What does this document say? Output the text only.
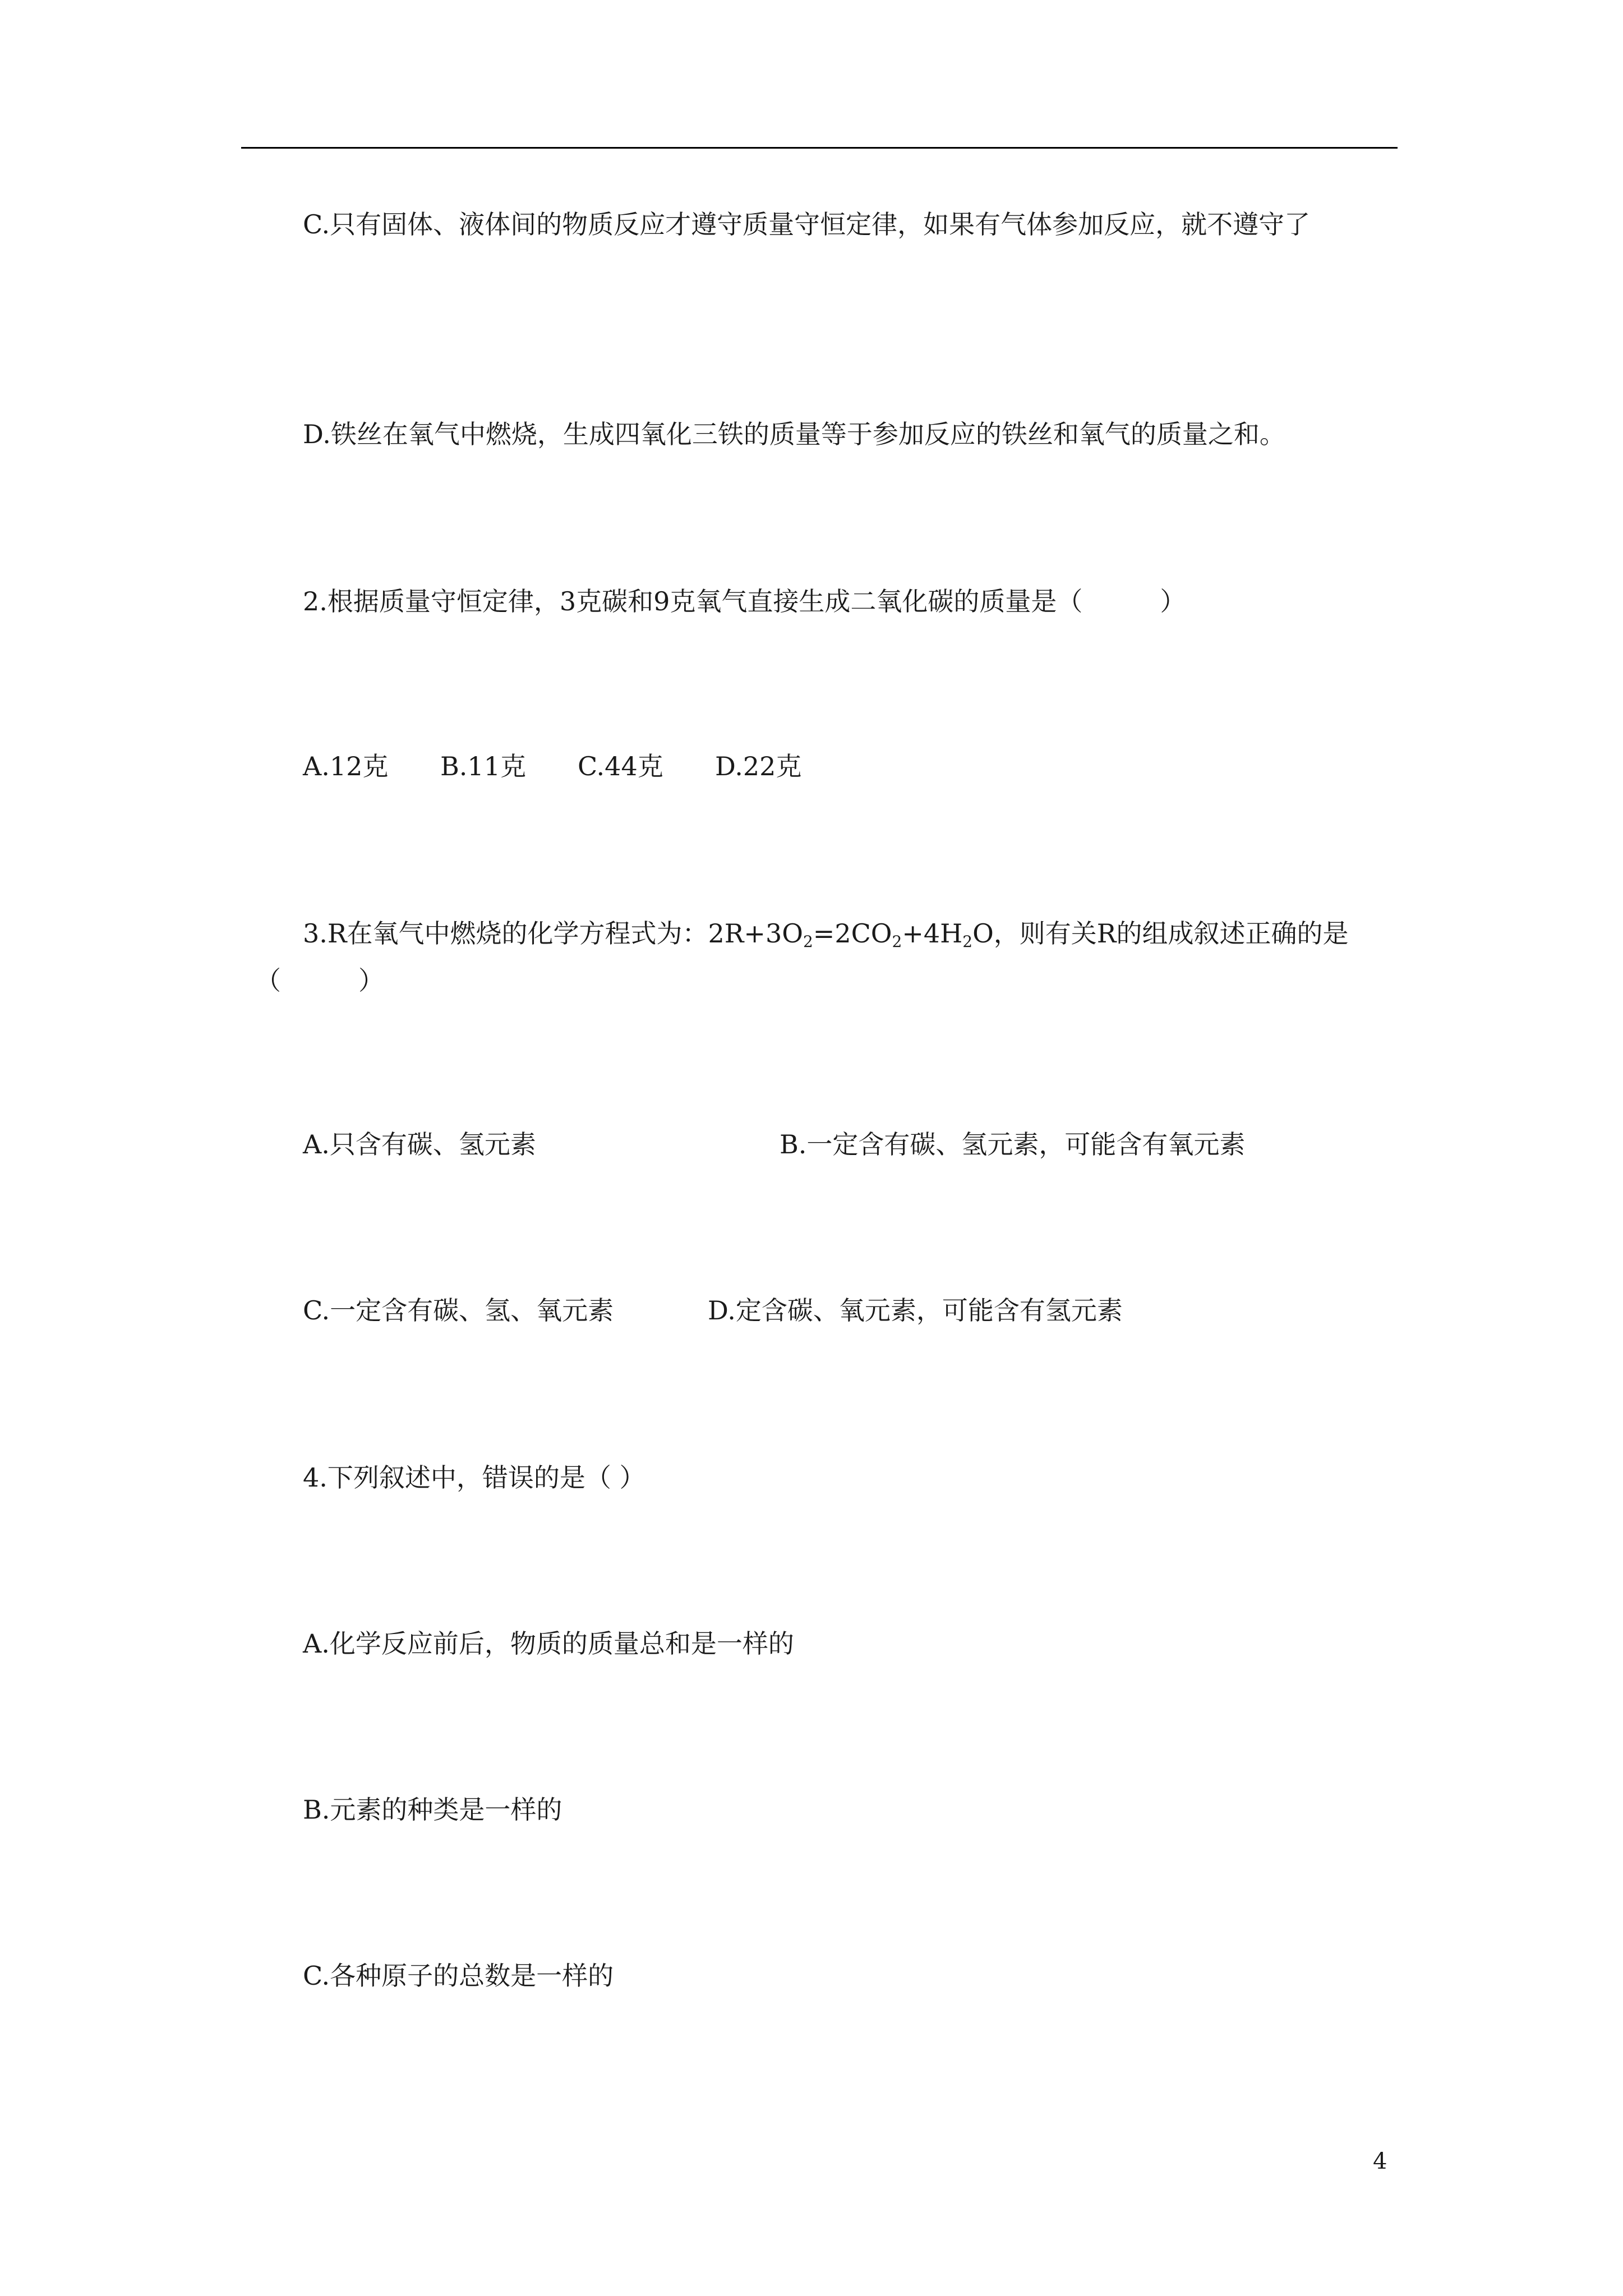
C.只有固体、液体间的物质反应才遵守质量守恒定律，如果有气体参加反应，就不遵守了
D.铁丝在氧气中燃烧，生成四氧化三铁的质量等于参加反应的铁丝和氧气的质量之和。
2.根据质量守恒定律，3克碳和9克氧气直接生成二氧化碳的质量是（　　　）
A.12克 B.11克 C.44克 D.22克
3.R在氧气中燃烧的化学方程式为：$2R+3O_2=2CO_2+4H_2O$，则有关R的组成叙述正确的是
（　　　）
A.只含有碳、氢元素	B.一定含有碳、氢元素，可能含有氧元素
C.一定含有碳、氢、氧元素	D.定含碳、氧元素，可能含有氢元素
4.下列叙述中，错误的是（ ）
A.化学反应前后，物质的质量总和是一样的
B.元素的种类是一样的
C.各种原子的总数是一样的
4
